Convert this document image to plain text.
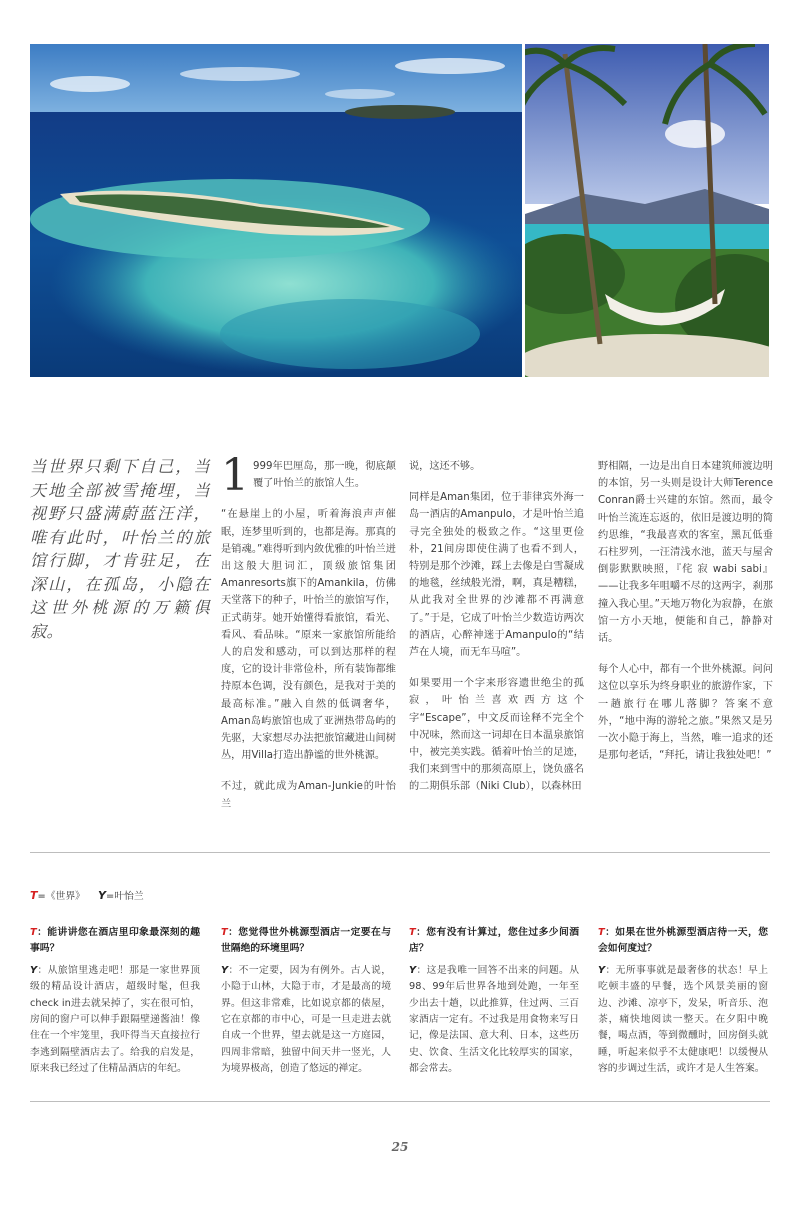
当世界只剩下自己，当天地全部被雪掩埋，当视野只盛满蔚蓝汪洋，唯有此时，叶怡兰的旅馆行脚，才肯驻足，在深山，在孤岛，小隐在这世外桃源的万籁俱寂。

1 999年巴厘岛，那一晚，彻底颠覆了叶怡兰的旅馆人生。

“在悬崖上的小屋，听着海浪声声催眠，连梦里听到的，也都是海。那真的是销魂。”难得听到内敛优雅的叶怡兰迸出这般大胆词汇，顶级旅馆集团Amanresorts旗下的Amankila，仿佛天堂落下的种子，叶怡兰的旅馆写作，正式萌芽。她开始懂得看旅馆，看光、看风、看品味。“原来一家旅馆所能给人的启发和感动，可以到达那样的程度，它的设计非常俭朴，所有装饰都维持原本色调，没有颜色，是我对于美的最高标准。”融入自然的低调奢华，Aman岛屿旅馆也成了亚洲热带岛屿的先驱，大家想尽办法把旅馆藏进山间树丛，用Villa打造出静谧的世外桃源。

不过，就此成为Aman-Junkie的叶怡兰

说，这还不够。

同样是Aman集团，位于菲律宾外海一岛一酒店的Amanpulo，才是叶怡兰追寻完全独处的极致之作。“这里更俭朴，21间房即使住满了也看不到人，特别是那个沙滩，踩上去像是白雪凝成的地毯，丝绒般光滑，啊，真是糟糕，从此我对全世界的沙滩都不再满意了。”于是，它成了叶怡兰少数造访两次的酒店，心醉神迷于Amanpulo的“结芦在人境，而无车马喧”。

如果要用一个字来形容遗世绝尘的孤寂，叶怡兰喜欢西方这个字“Escape”，中文反而诠释不完全个中况味，然而这一词却在日本温泉旅馆中，被完美实践。循着叶怡兰的足迹，我们来到雪中的那须高原上，饶负盛名的二期俱乐部（Niki Club），以森林田

野相隔，一边是出自日本建筑师渡边明的本馆，另一头则是设计大师Terence Conran爵士兴建的东馆。然而，最令叶怡兰流连忘返的，依旧是渡边明的简约思维，“我最喜欢的客室，黑瓦低垂石柱罗列，一汪清浅水池，蓝天与屋舍倒影默默映照，『侘 寂 wabi sabi』——让我多年咀嚼不尽的这两字，刹那撞入我心里。”天地万物化为寂静，在旅馆一方小天地，便能和自己，静静对话。

每个人心中，都有一个世外桃源。问问这位以享乐为终身职业的旅游作家，下一趟旅行在哪儿落脚？答案不意外，“地中海的游轮之旅。”果然又是另一次小隐于海上，当然，唯一追求的还是那句老话，“拜托，请让我独处吧！”

T=《世界》 Y=叶怡兰
T：能讲讲您在酒店里印象最深刻的趣事吗？
Y：从旅馆里逃走吧！那是一家世界顶级的精品设计酒店，超级时髦，但我check in进去就呆掉了，实在很可怕，房间的窗户可以伸手跟隔壁递酱油！像住在一个牢笼里，我吓得当天直接拉行李逃到隔壁酒店去了。给我的启发是，原来我已经过了住精品酒店的年纪。
T：您觉得世外桃源型酒店一定要在与世隔绝的环境里吗？
Y：不一定要，因为有例外。古人说，小隐于山林，大隐于市，才是最高的境界。但这非常难，比如说京都的俵屋，它在京都的市中心，可是一旦走进去就自成一个世界，望去就是这一方庭园，四周非常暗，独留中间天井一竖光，人为境界极高，创造了悠远的禅定。
T：您有没有计算过，您住过多少间酒店？
Y：这是我唯一回答不出来的问题。从98、99年后世界各地到处跑，一年至少出去十趟，以此推算，住过两、三百家酒店一定有。不过我是用食物来写日记，像是法国、意大利、日本，这些历史、饮食、生活文化比较厚实的国家，都会常去。
T：如果在世外桃源型酒店待一天，您会如何度过？
Y：无所事事就是最奢侈的状态！早上吃顿丰盛的早餐，选个风景美丽的窗边、沙滩、凉亭下，发呆，听音乐、泡茶，痛快地阅读一整天。在夕阳中晚餐，喝点酒，等到微醺时，回房倒头就睡，听起来似乎不太健康吧！以缓慢从容的步调过生活，或许才是人生答案。
25
